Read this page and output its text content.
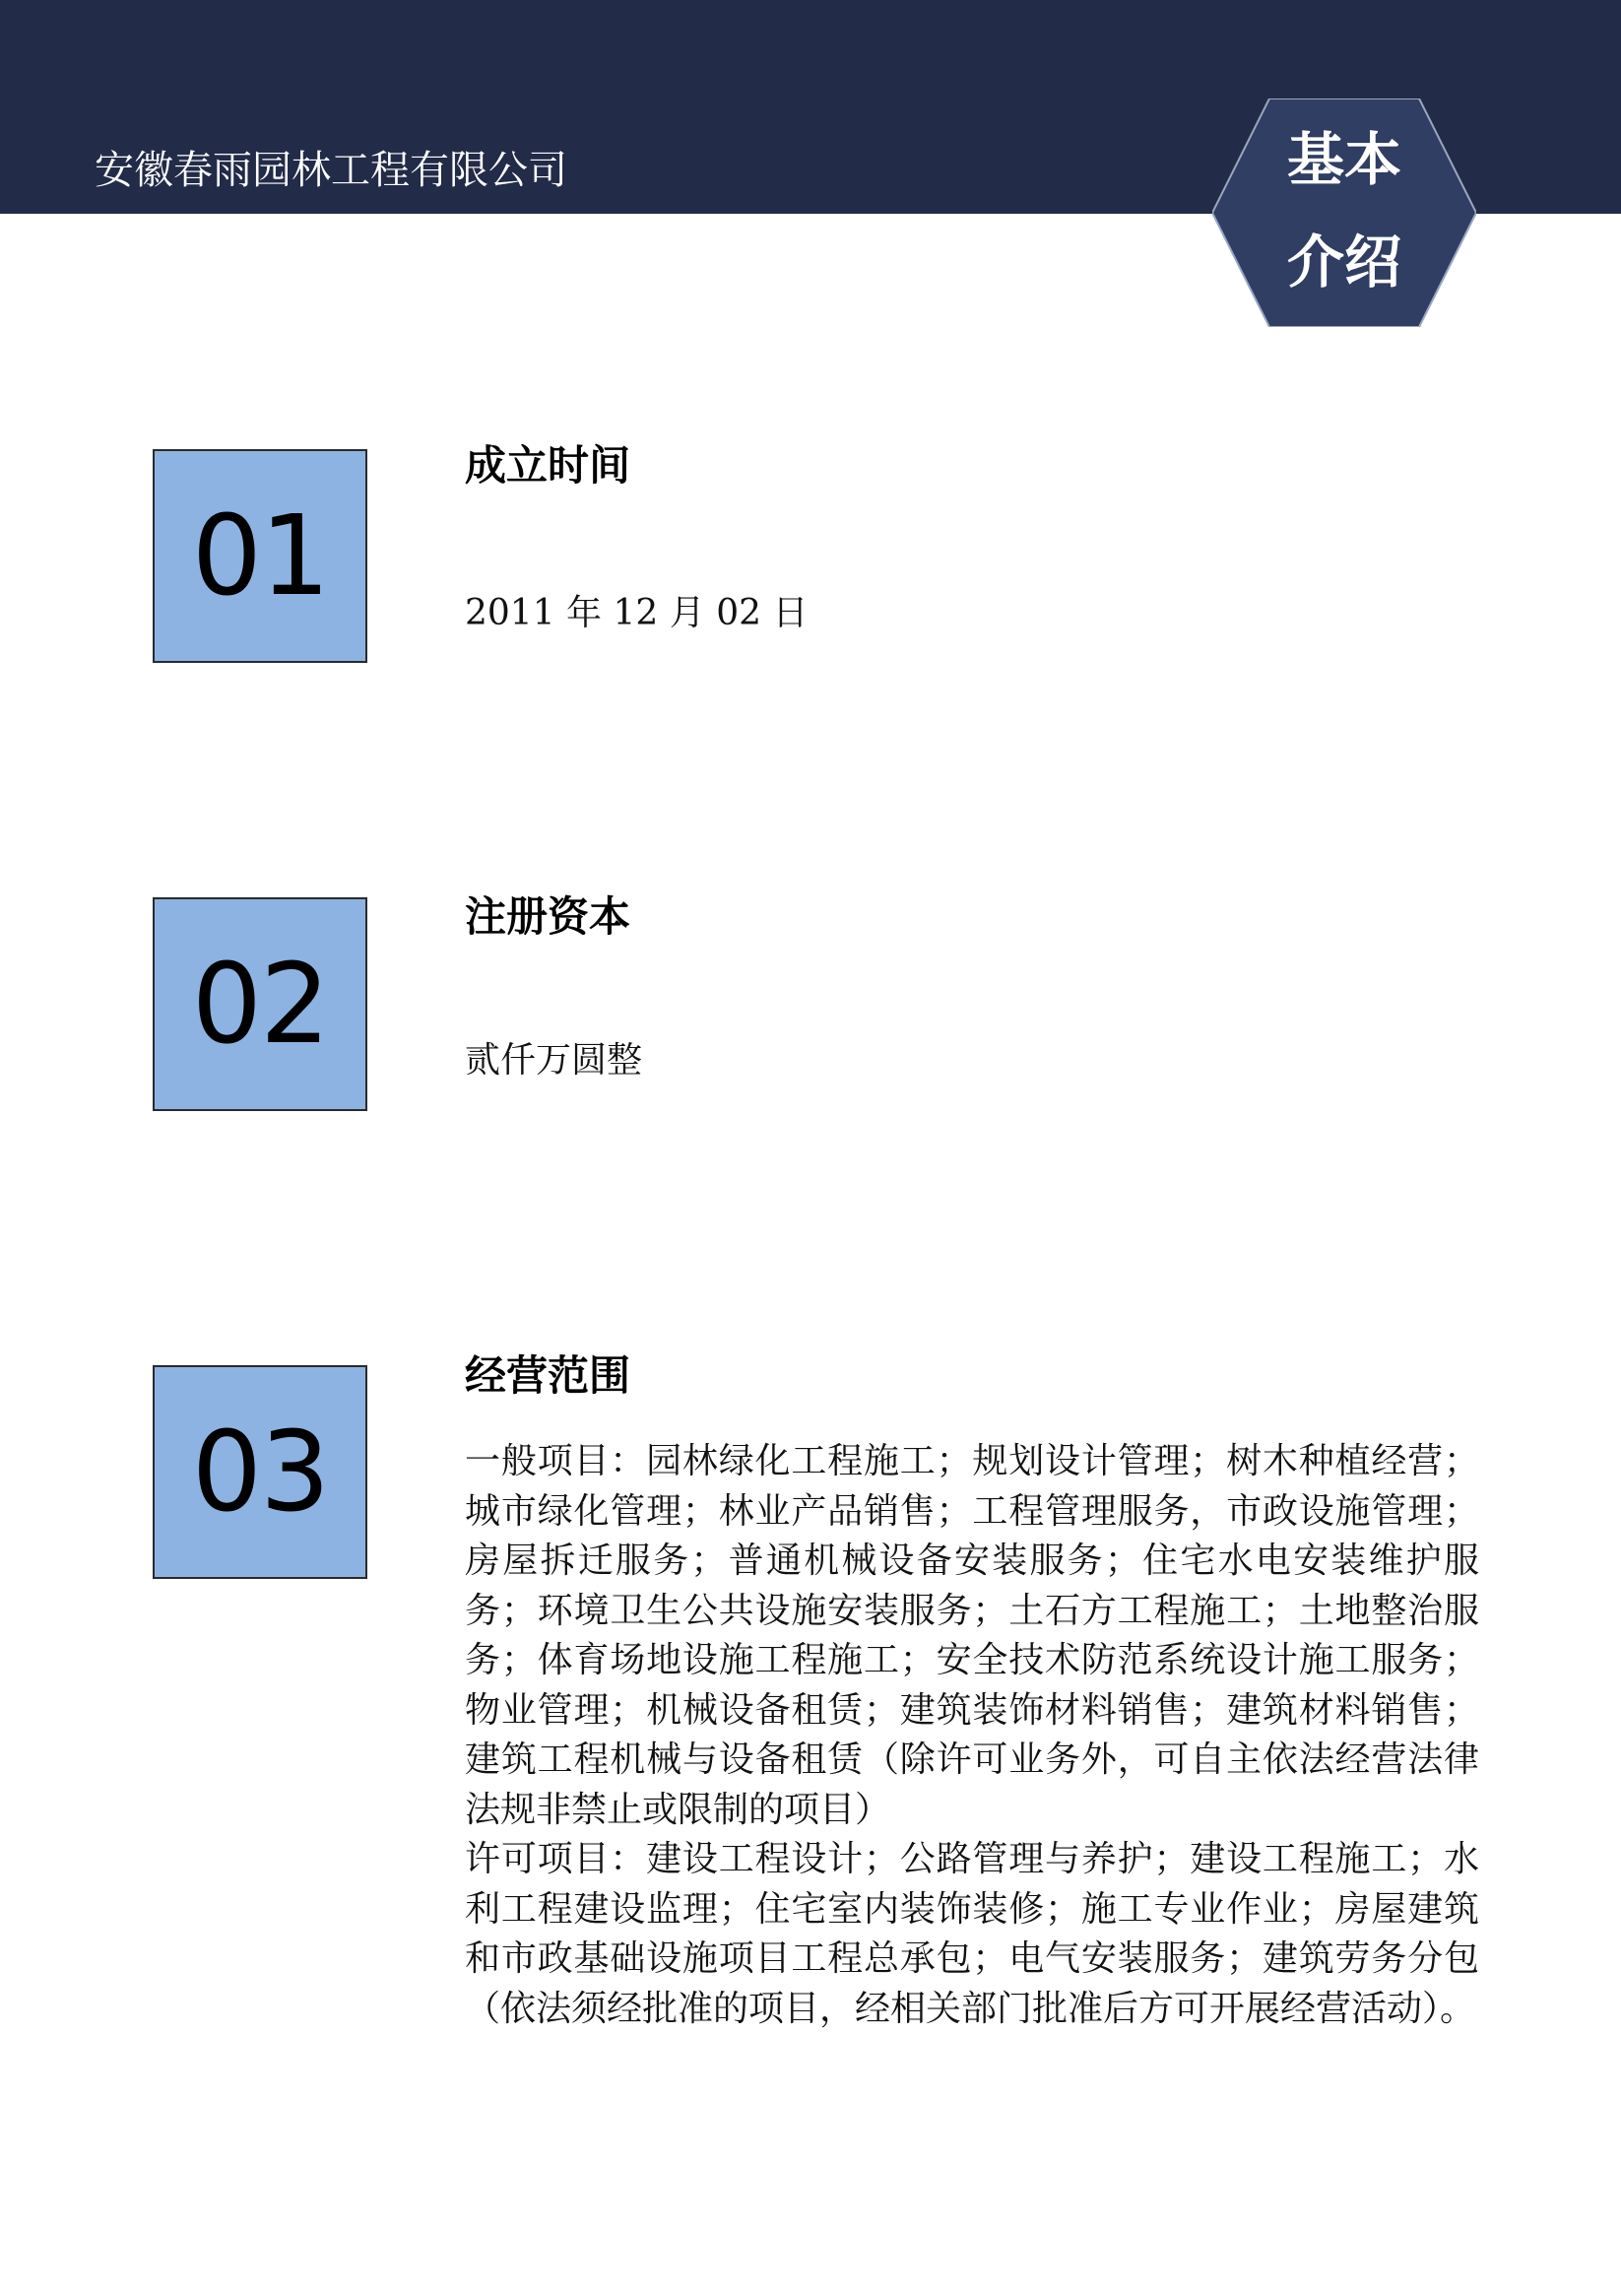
安徽春雨园林工程有限公司	基本
介绍
01
成立时间
2011 年 12 月 02 日
02
注册资本
贰仟万圆整
03
经营范围

一般项目：园林绿化工程施工；规划设计管理；树木种植经营；城市绿化管理；林业产品销售；工程管理服务，市政设施管理；房屋拆迁服务；普通机械设备安装服务；住宅水电安装维护服务；环境卫生公共设施安装服务；土石方工程施工；土地整治服务；体育场地设施工程施工；安全技术防范系统设计施工服务；物业管理；机械设备租赁；建筑装饰材料销售；建筑材料销售；建筑工程机械与设备租赁（除许可业务外，可自主依法经营法律法规非禁止或限制的项目）

许可项目：建设工程设计；公路管理与养护；建设工程施工；水利工程建设监理；住宅室内装饰装修；施工专业作业；房屋建筑和市政基础设施项目工程总承包；电气安装服务；建筑劳务分包（依法须经批准的项目，经相关部门批准后方可开展经营活动）。
